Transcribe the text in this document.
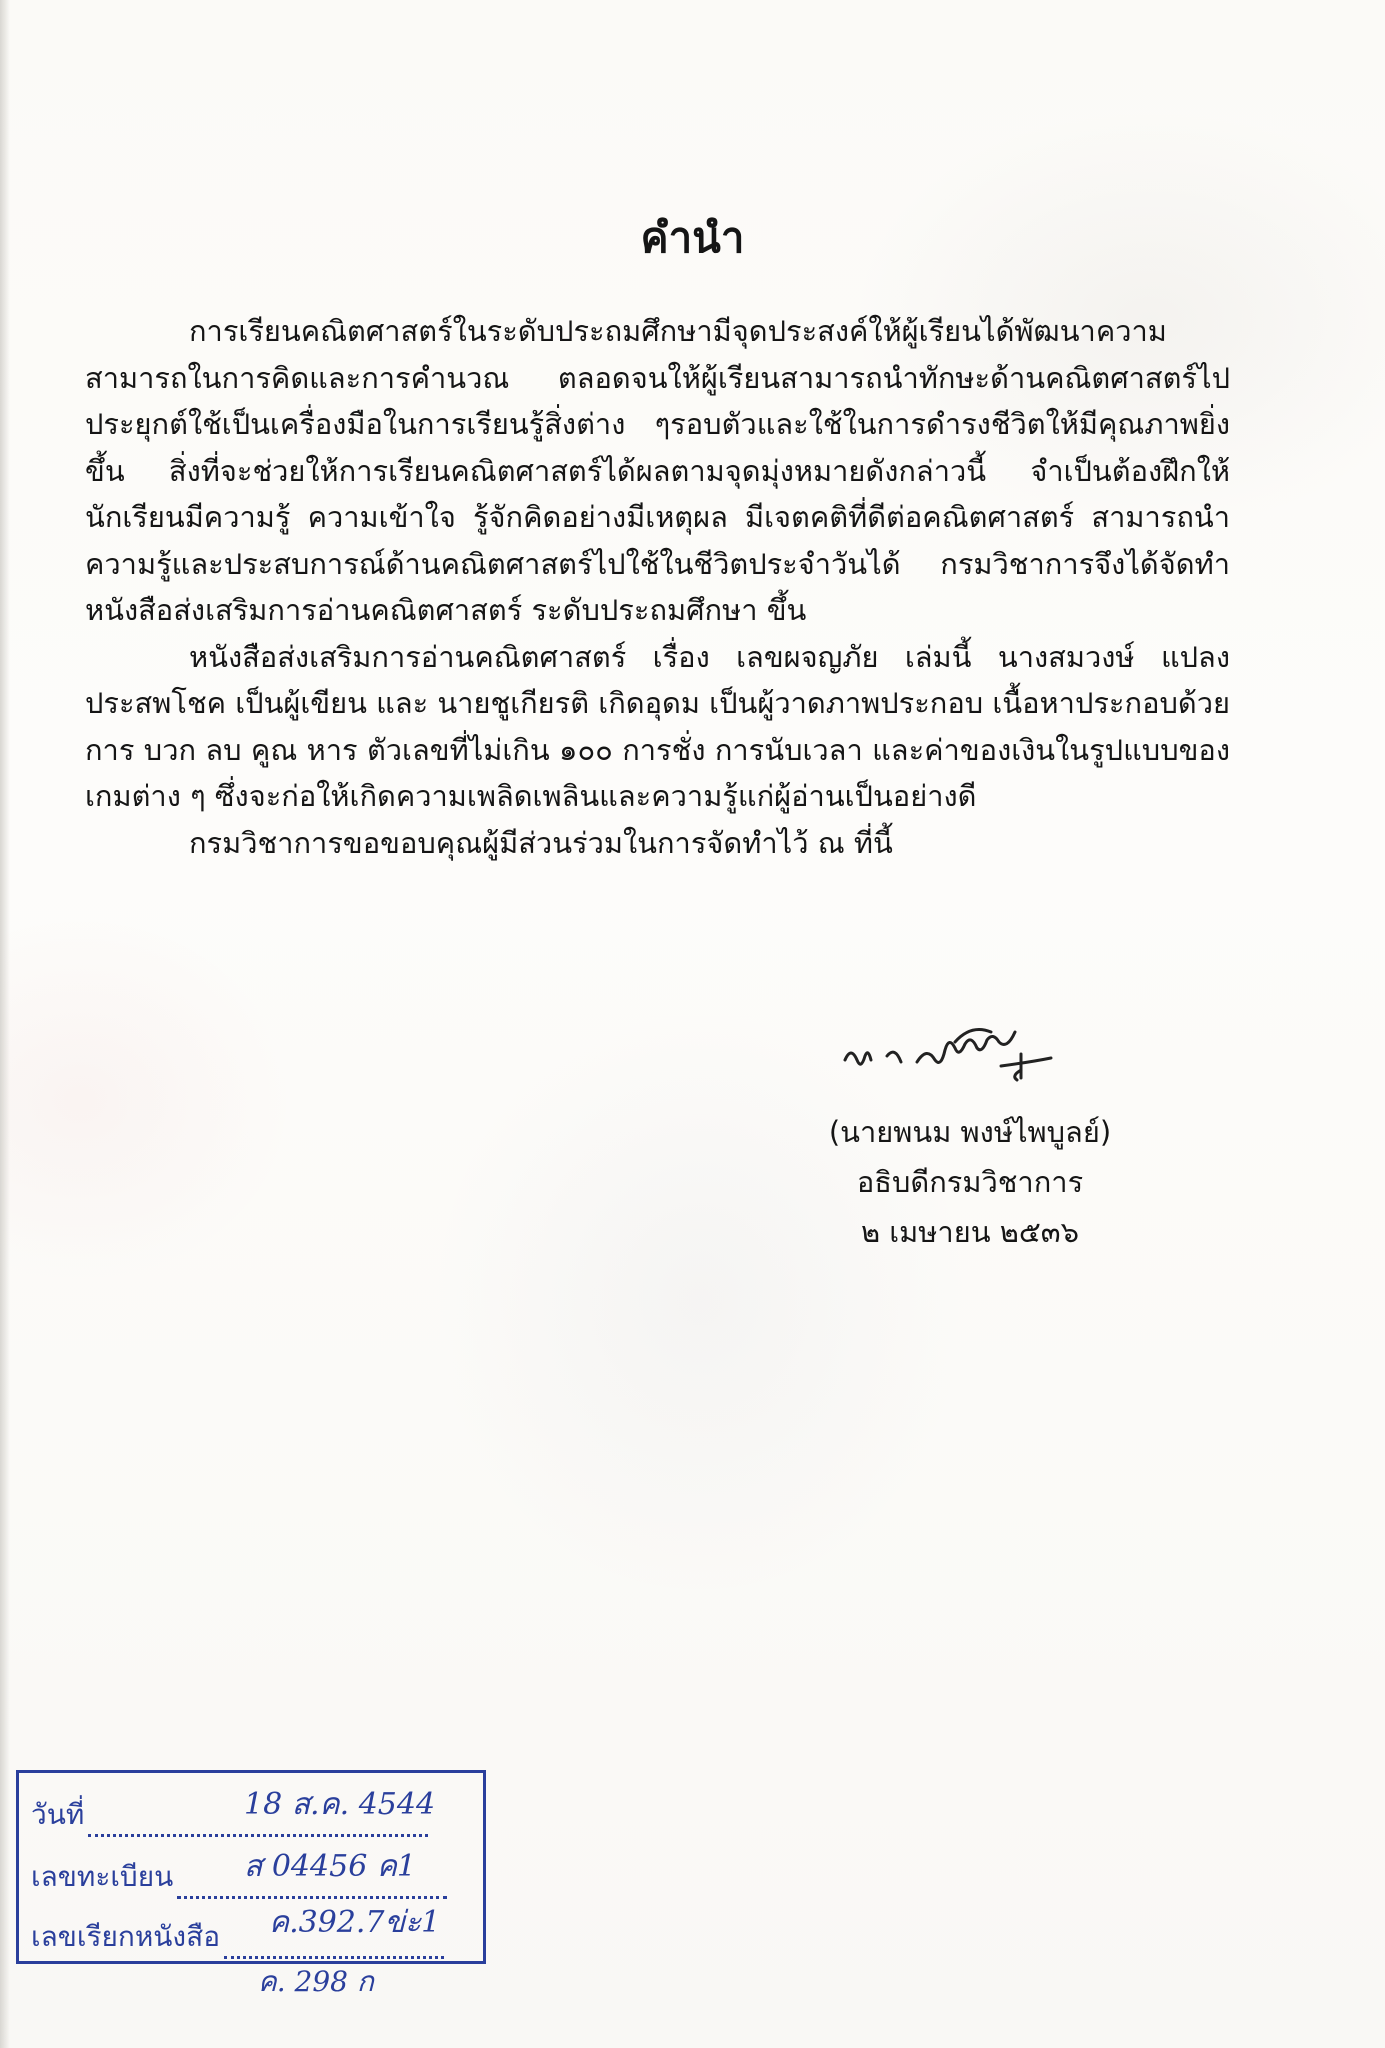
คำนำ

การเรียนคณิตศาสตร์ในระดับประถมศึกษามีจุดประสงค์ให้ผู้เรียนได้พัฒนาความสามารถในการคิดและการคำนวณ ตลอดจนให้ผู้เรียนสามารถนำทักษะด้านคณิตศาสตร์ไปประยุกต์ใช้เป็นเครื่องมือในการเรียนรู้สิ่งต่าง ๆรอบตัวและใช้ในการดำรงชีวิตให้มีคุณภาพยิ่งขึ้น สิ่งที่จะช่วยให้การเรียนคณิตศาสตร์ได้ผลตามจุดมุ่งหมายดังกล่าวนี้ จำเป็นต้องฝึกให้นักเรียนมีความรู้ ความเข้าใจ รู้จักคิดอย่างมีเหตุผล มีเจตคติที่ดีต่อคณิตศาสตร์ สามารถนำความรู้และประสบการณ์ด้านคณิตศาสตร์ไปใช้ในชีวิตประจำวันได้ กรมวิชาการจึงได้จัดทำหนังสือส่งเสริมการอ่านคณิตศาสตร์ ระดับประถมศึกษา ขึ้น

หนังสือส่งเสริมการอ่านคณิตศาสตร์ เรื่อง เลขผจญภัย เล่มนี้ นางสมวงษ์ แปลงประสพโชค เป็นผู้เขียน และ นายชูเกียรติ เกิดอุดม เป็นผู้วาดภาพประกอบ เนื้อหาประกอบด้วยการ บวก ลบ คูณ หาร ตัวเลขที่ไม่เกิน ๑๐๐ การชั่ง การนับเวลา และค่าของเงินในรูปแบบของเกมต่าง ๆ ซึ่งจะก่อให้เกิดความเพลิดเพลินและความรู้แก่ผู้อ่านเป็นอย่างดี

กรมวิชาการขอขอบคุณผู้มีส่วนร่วมในการจัดทำไว้ ณ ที่นี้

(นายพนม พงษ์ไพบูลย์)
อธิบดีกรมวิชาการ
๒ เมษายน ๒๕๓๖
วันที่	18 ส.ค. 4544
เลขทะเบียน	ส 04456 ค1
เลขเรียกหนังสือ	ค.392.7ข่ะ1
ค. 298 ก
